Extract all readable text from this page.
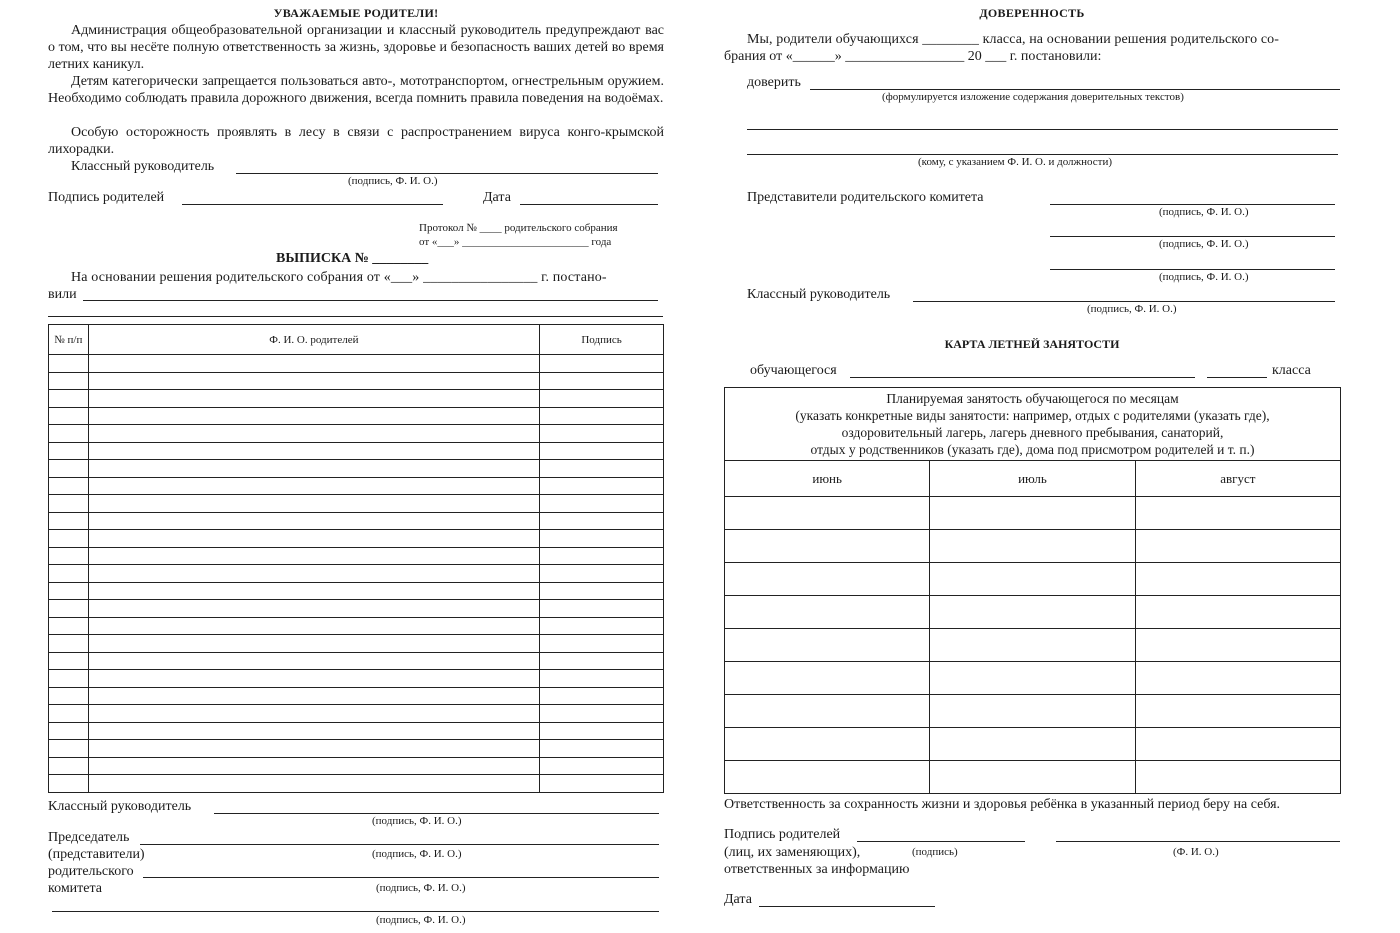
УВАЖАЕМЫЕ РОДИТЕЛИ!
Администрация общеобразовательной организации и классный руководитель предупреждают вас о том, что вы несёте полную ответственность за жизнь, здоровье и безопасность ваших детей во время летних каникул.
Детям категорически запрещается пользоваться авто-, мототранспортом, огнестрельным оружием. Необходимо соблюдать правила дорожного движения, всегда помнить правила поведения на водоёмах.
Особую осторожность проявлять в лесу в связи с распространением вируса конго-крымской лихорадки.
Классный руководитель
(подпись, Ф. И. О.)
Подпись родителей	Дата
Протокол № ____ родительского собрания
от «___» _______________________ года
ВЫПИСКА № ________
На основании решения родительского собрания от «___» ________________ г. постано-
вили
№ п/п	Ф. И. О. родителей	Подпись

Классный руководитель
(подпись, Ф. И. О.)
Председатель
(представители)	(подпись, Ф. И. О.)
родительского
комитета	(подпись, Ф. И. О.)
(подпись, Ф. И. О.)
ДОВЕРЕННОСТЬ
Мы, родители обучающихся ________ класса, на основании решения родительского со-
брания от «______» _________________ 20 ___ г. постановили:
доверить
(формулируется изложение содержания доверительных текстов)
(кому, с указанием Ф. И. О. и должности)
Представители родительского комитета
(подпись, Ф. И. О.)
(подпись, Ф. И. О.)
(подпись, Ф. И. О.)
Классный руководитель
(подпись, Ф. И. О.)
КАРТА ЛЕТНЕЙ ЗАНЯТОСТИ
обучающегося	класса
Планируемая занятость обучающегося по месяцам
(указать конкретные виды занятости: например, отдых с родителями (указать где),
оздоровительный лагерь, лагерь дневного пребывания, санаторий,
отдых у родственников (указать где), дома под присмотром родителей и т. п.)		

июнь	июль	август

Ответственность за сохранность жизни и здоровья ребёнка в указанный период беру на себя.
Подпись родителей
(лиц, их заменяющих),	(подпись)	(Ф. И. О.)
ответственных за информацию
Дата
